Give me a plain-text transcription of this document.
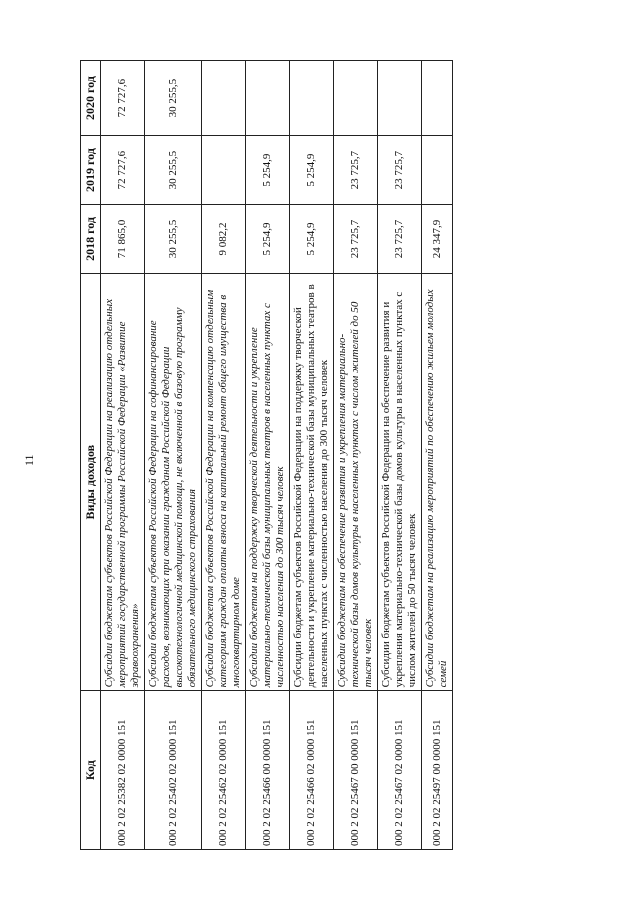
11
Код	Виды доходов	2018 год	2019 год	2020 год
000 2 02 25382 02 0000 151	Субсидии бюджетам субъектов Российской Федерации на реализацию отдельных мероприятий государственной программы Российской Федерации «Развитие здравоохранения»	71 865,0	72 727,6	72 727,6
000 2 02 25402 02 0000 151	Субсидии бюджетам субъектов Российской Федерации на софинансирование расходов, возникающих при оказании гражданам Российской Федерации высокотехнологичной медицинской помощи, не включенной в базовую программу обязательного медицинского страхования	30 255,5	30 255,5	30 255,5
000 2 02 25462 02 0000 151	Субсидии бюджетам субъектов Российской Федерации на компенсацию отдельным категориям граждан оплаты взноса на капитальный ремонт общего имущества в многоквартирном доме	9 082,2		
000 2 02 25466 00 0000 151	Субсидии бюджетам на поддержку творческой деятельности и укрепление материально-технической базы муниципальных театров в населенных пунктах с численностью населения до 300 тысяч человек	5 254,9	5 254,9	
000 2 02 25466 02 0000 151	Субсидии бюджетам субъектов Российской Федерации на поддержку творческой деятельности и укрепление материально-технической базы муниципальных театров в населенных пунктах с численностью населения до 300 тысяч человек	5 254,9	5 254,9	
000 2 02 25467 00 0000 151	Субсидии бюджетам на обеспечение развития и укрепления материально-технической базы домов культуры в населенных пунктах с числом жителей до 50 тысяч человек	23 725,7	23 725,7	
000 2 02 25467 02 0000 151	Субсидии бюджетам субъектов Российской Федерации на обеспечение развития и укрепления материально-технической базы домов культуры в населенных пунктах с числом жителей до 50 тысяч человек	23 725,7	23 725,7	
000 2 02 25497 00 0000 151	Субсидии бюджетам на реализацию мероприятий по обеспечению жильем молодых семей	24 347,9		
